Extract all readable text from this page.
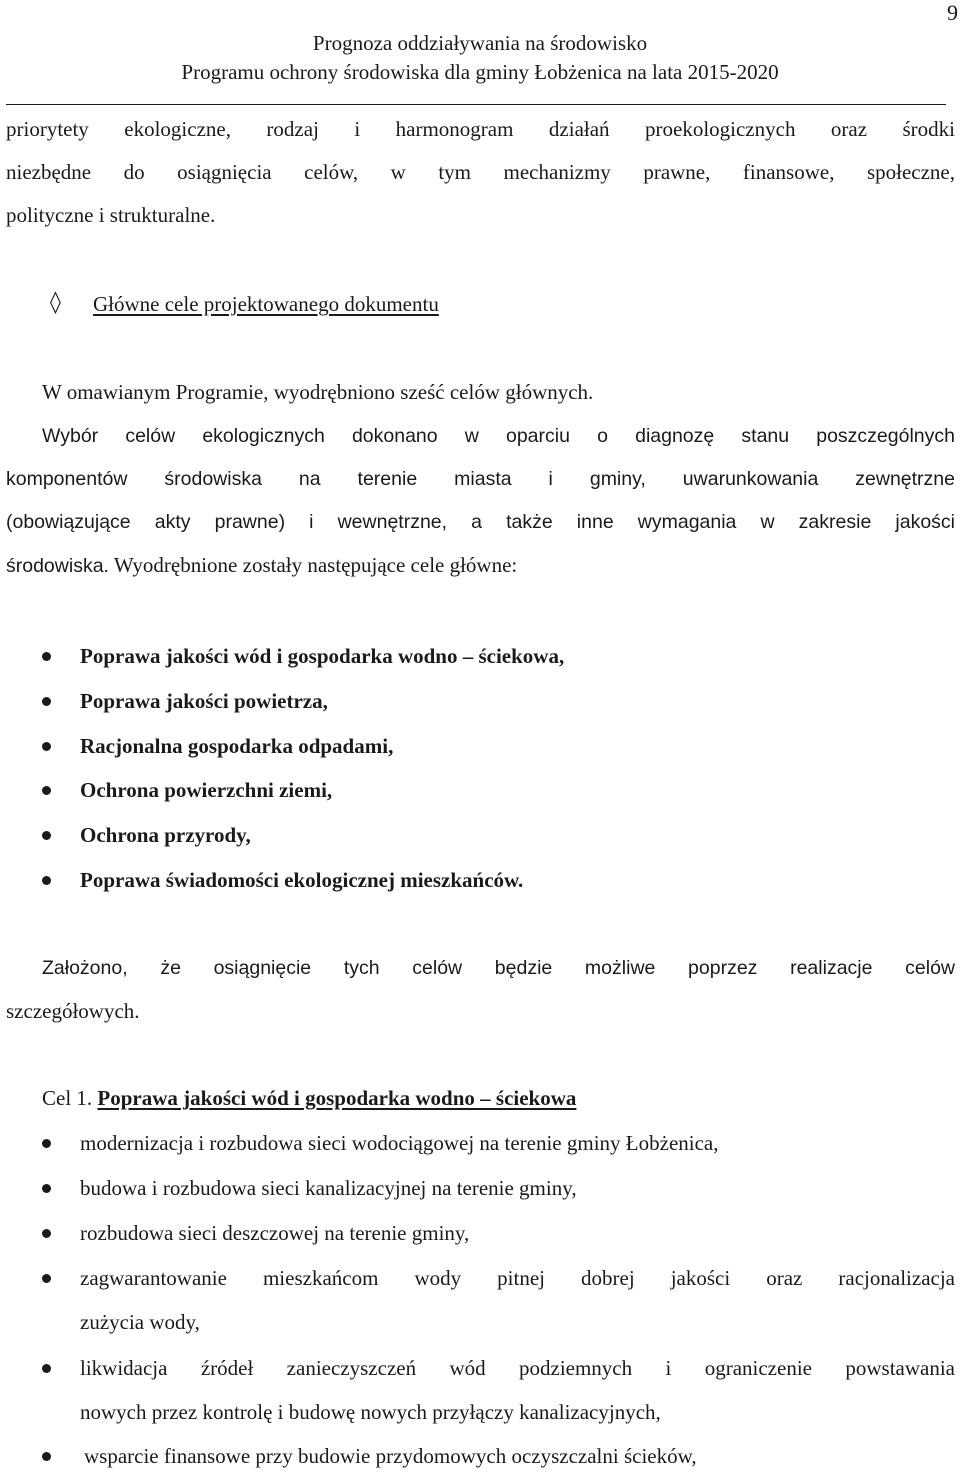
9
Prognoza oddziaływania na środowisko
Programu ochrony środowiska dla gminy Łobżenica na lata 2015-2020
priorytety ekologiczne, rodzaj i harmonogram działań proekologicznych oraz środki
niezbędne do osiągnięcia celów, w tym mechanizmy prawne, finansowe, społeczne,
polityczne i strukturalne.
◊ Główne cele projektowanego dokumentu
W omawianym Programie, wyodrębniono sześć celów głównych.
Wybór celów ekologicznych dokonano w oparciu o diagnozę stanu poszczególnych
komponentów środowiska na terenie miasta i gminy, uwarunkowania zewnętrzne
(obowiązujące akty prawne) i wewnętrzne, a także inne wymagania w zakresie jakości
środowiska. Wyodrębnione zostały następujące cele główne:
Poprawa jakości wód i gospodarka wodno – ściekowa,
Poprawa jakości powietrza,
Racjonalna gospodarka odpadami,
Ochrona powierzchni ziemi,
Ochrona przyrody,
Poprawa świadomości ekologicznej mieszkańców.
Założono, że osiągnięcie tych celów będzie możliwe poprzez realizacje celów
szczegółowych.
Cel 1. Poprawa jakości wód i gospodarka wodno – ściekowa
modernizacja i rozbudowa sieci wodociągowej na terenie gminy Łobżenica,
budowa i rozbudowa sieci kanalizacyjnej na terenie gminy,
rozbudowa sieci deszczowej na terenie gminy,
zagwarantowanie mieszkańcom wody pitnej dobrej jakości oraz racjonalizacja
zużycia wody,
likwidacja źródeł zanieczyszczeń wód podziemnych i ograniczenie powstawania
nowych przez kontrolę i budowę nowych przyłączy kanalizacyjnych,
wsparcie finansowe przy budowie przydomowych oczyszczalni ścieków,
